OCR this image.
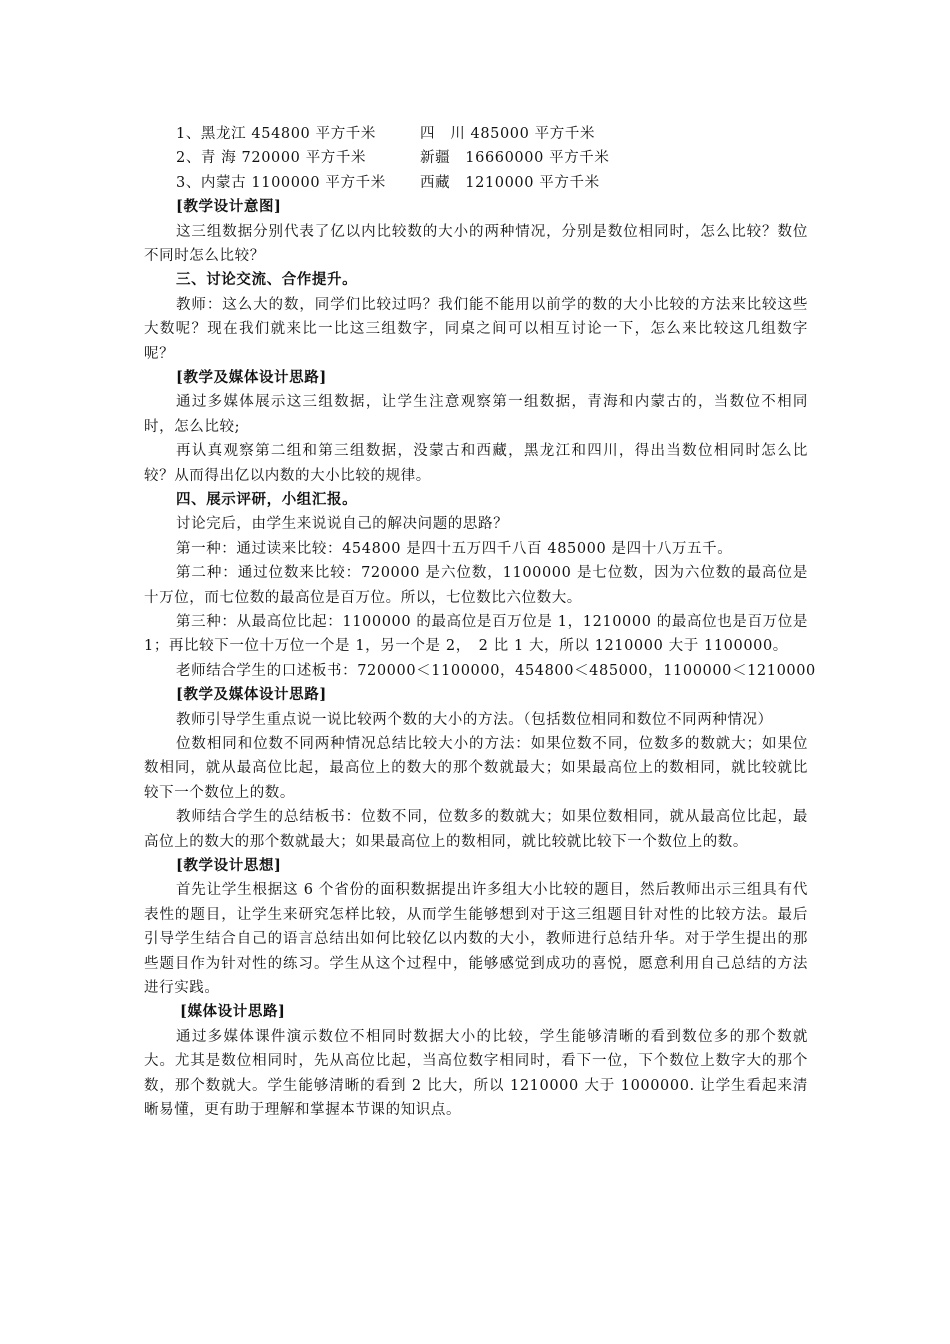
1、黑龙江 454800 平方千米	四　川 485000 平方千米
2、青 海 720000 平方千米	新疆　16660000 平方千米
3、内蒙古 1100000 平方千米	西藏　1210000 平方千米
[教学设计意图]

这三组数据分别代表了亿以内比较数的大小的两种情况，分别是数位相同时，怎么比较？数位不同时怎么比较？

三、讨论交流、合作提升。

教师：这么大的数，同学们比较过吗？我们能不能用以前学的数的大小比较的方法来比较这些大数呢？现在我们就来比一比这三组数字，同桌之间可以相互讨论一下，怎么来比较这几组数字呢？

[教学及媒体设计思路]

通过多媒体展示这三组数据，让学生注意观察第一组数据，青海和内蒙古的，当数位不相同时，怎么比较;

再认真观察第二组和第三组数据，没蒙古和西藏，黑龙江和四川，得出当数位相同时怎么比较？从而得出亿以内数的大小比较的规律。

四、展示评研，小组汇报。

讨论完后，由学生来说说自己的解决问题的思路？

第一种：通过读来比较：454800 是四十五万四千八百 485000 是四十八万五千。

第二种：通过位数来比较：720000 是六位数，1100000 是七位数，因为六位数的最高位是十万位，而七位数的最高位是百万位。所以，七位数比六位数大。

第三种：从最高位比起：1100000 的最高位是百万位是 1，1210000 的最高位也是百万位是 1；再比较下一位十万位一个是 1，另一个是 2，　2 比 1 大，所以 1210000 大于 1100000。

老师结合学生的口述板书：720000＜1100000，454800＜485000，1100000＜1210000

[教学及媒体设计思路]

教师引导学生重点说一说比较两个数的大小的方法。（包括数位相同和数位不同两种情况）

位数相同和位数不同两种情况总结比较大小的方法：如果位数不同，位数多的数就大；如果位数相同，就从最高位比起，最高位上的数大的那个数就最大；如果最高位上的数相同，就比较就比较下一个数位上的数。

教师结合学生的总结板书：位数不同，位数多的数就大；如果位数相同，就从最高位比起，最高位上的数大的那个数就最大；如果最高位上的数相同，就比较就比较下一个数位上的数。

[教学设计思想]

首先让学生根据这 6 个省份的面积数据提出许多组大小比较的题目，然后教师出示三组具有代表性的题目，让学生来研究怎样比较，从而学生能够想到对于这三组题目针对性的比较方法。最后引导学生结合自己的语言总结出如何比较亿以内数的大小，教师进行总结升华。对于学生提出的那些题目作为针对性的练习。学生从这个过程中，能够感觉到成功的喜悦，愿意利用自己总结的方法进行实践。

[媒体设计思路]

通过多媒体课件演示数位不相同时数据大小的比较，学生能够清晰的看到数位多的那个数就大。尤其是数位相同时，先从高位比起，当高位数字相同时，看下一位，下个数位上数字大的那个数，那个数就大。学生能够清晰的看到 2 比大，所以 1210000 大于 1000000. 让学生看起来清晰易懂，更有助于理解和掌握本节课的知识点。
